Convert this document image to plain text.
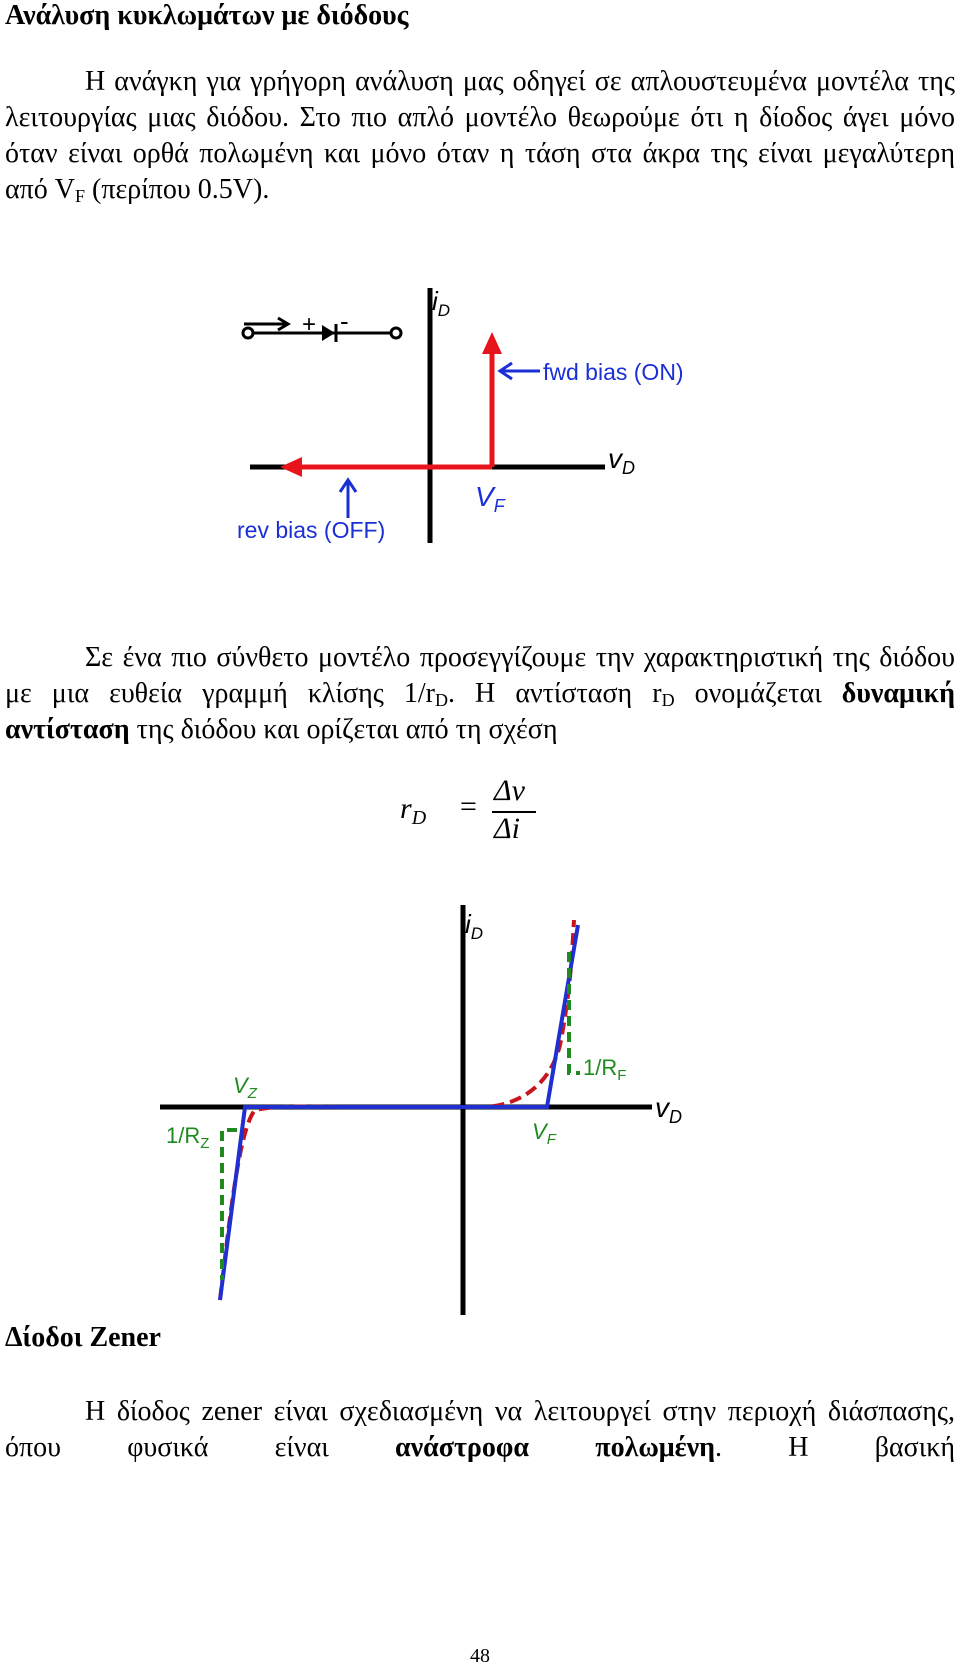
Ανάλυση κυκλωμάτων με διόδους
Η ανάγκη για γρήγορη ανάλυση μας οδηγεί σε απλουστευμένα μοντέλα της λειτουργίας μιας διόδου. Στο πιο απλό μοντέλο θεωρούμε ότι η δίοδος άγει μόνο όταν είναι ορθά πολωμένη και μόνο όταν η τάση στα άκρα της είναι μεγαλύτερη από $V_F$ (περίπου 0.5V).
+ -
$i_D$
$v_D$
$V_F$
fwd bias (ON)
rev bias (OFF)
Σε ένα πιο σύνθετο μοντέλο προσεγγίζουμε την χαρακτηριστική της διόδου με μια ευθεία γραμμή κλίσης $1/r_D$. Η αντίσταση $r_D$ ονομάζεται δυναμική αντίσταση της διόδου και ορίζεται από τη σχέση
$r_D = \Delta v$
Δi
$i_D$
$v_D$
$V_Z$
$V_F$
$1/R_Z$
$1/R_F$
Δίοδοι Zener
Η δίοδος zener είναι σχεδιασμένη να λειτουργεί στην περιοχή διάσπασης, όπου φυσικά είναι ανάστροφα πολωμένη. Η βασική
48
